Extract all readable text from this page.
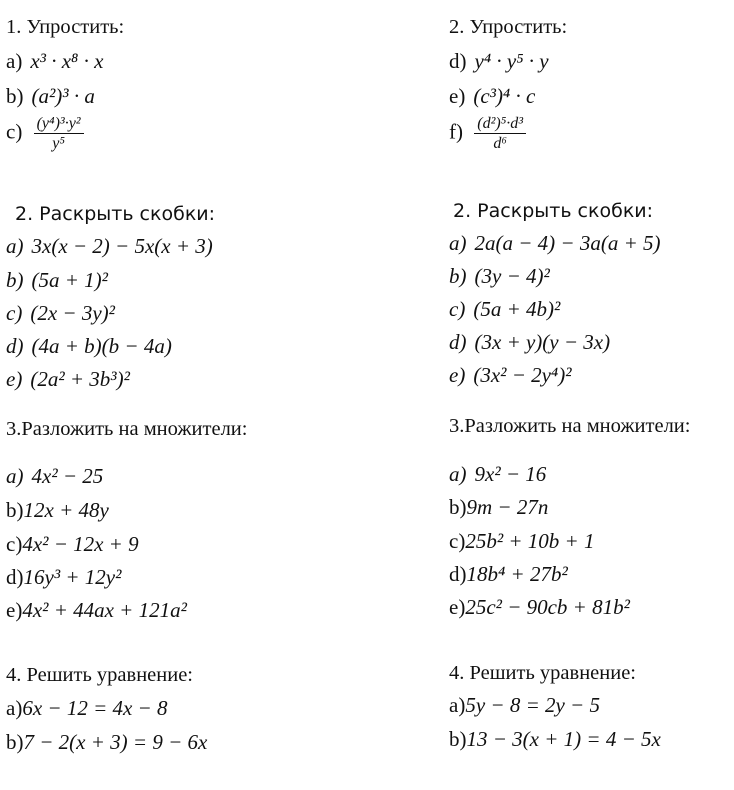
1. Упростить:
a) x³ · x⁸ · x
b) (a²)³ · a
$c) \frac{\text{(y⁴)³·y²}}{\text{y⁵}}$
2. Раскрыть скобки:
a) 3x(x − 2) − 5x(x + 3)
b) (5a + 1)²
c) (2x − 3y)²
d) (4a + b)(b − 4a)
e) (2a² + 3b³)²
3.Разложить на множители:
a) 4x² − 25
b)12x + 48y
c)4x² − 12x + 9
d)16y³ + 12y²
e)4x² + 44ax + 121a²
4. Решить уравнение:
a)6x − 12 = 4x − 8
b)7 − 2(x + 3) = 9 − 6x
2. Упростить:
d) y⁴ · y⁵ · y
e) (c³)⁴ · c
$f) \frac{\text{(d²)⁵·d³}}{\text{d⁶}}$
2. Раскрыть скобки:
a) 2a(a − 4) − 3a(a + 5)
b) (3y − 4)²
c) (5a + 4b)²
d) (3x + y)(y − 3x)
e) (3x² − 2y⁴)²
3.Разложить на множители:
a) 9x² − 16
b)9m − 27n
c)25b² + 10b + 1
d)18b⁴ + 27b²
e)25c² − 90cb + 81b²
4. Решить уравнение:
a)5y − 8 = 2y − 5
b)13 − 3(x + 1) = 4 − 5x
